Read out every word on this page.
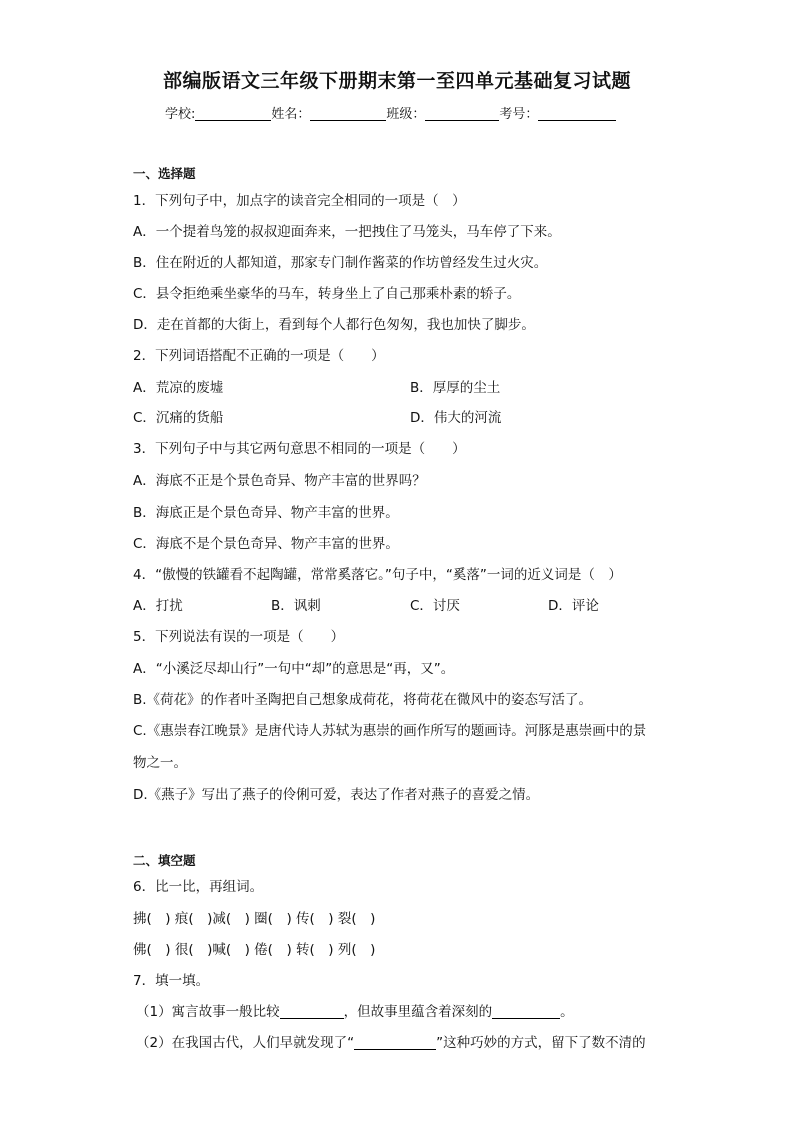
部编版语文三年级下册期末第一至四单元基础复习试题
学校:	姓名：	班级：	考号：
一、选择题
1．下列句子中，加点字的读音完全相同的一项是（　）
A．一个提着鸟笼的叔叔迎面奔来，一把拽住了马笼头，马车停了下来。
B．住在附近的人都知道，那家专门制作酱菜的作坊曾经发生过火灾。
C．县令拒绝乘坐豪华的马车，转身坐上了自己那乘朴素的轿子。
D．走在首都的大街上，看到每个人都行色匆匆，我也加快了脚步。
2．下列词语搭配不正确的一项是（　　）
A．荒凉的废墟	B．厚厚的尘土
C．沉痛的货船	D．伟大的河流
3．下列句子中与其它两句意思不相同的一项是（　　）
A．海底不正是个景色奇异、物产丰富的世界吗？
B．海底正是个景色奇异、物产丰富的世界。
C．海底不是个景色奇异、物产丰富的世界。
4．“傲慢的铁罐看不起陶罐，常常奚落它。”句子中，“奚落”一词的近义词是（　）
A．打扰	B．讽刺	C．讨厌	D．评论
5．下列说法有误的一项是（　　）
A．“小溪泛尽却山行”一句中“却”的意思是“再，又”。
B.《荷花》的作者叶圣陶把自己想象成荷花，将荷花在微风中的姿态写活了。
C.《惠崇春江晚景》是唐代诗人苏轼为惠崇的画作所写的题画诗。河豚是惠崇画中的景
物之一。
D.《燕子》写出了燕子的伶俐可爱，表达了作者对燕子的喜爱之情。
二、填空题
6．比一比，再组词。
拂(　) 痕(　)减(　) 圈(　) 传(　) 裂(　)
佛(　) 很(　)喊(　) 倦(　) 转(　) 列(　)
7．填一填。
（1）寓言故事一般比较	，但故事里蕴含着深刻的	。
（2）在我国古代，人们早就发现了“	”这种巧妙的方式，留下了数不清的
